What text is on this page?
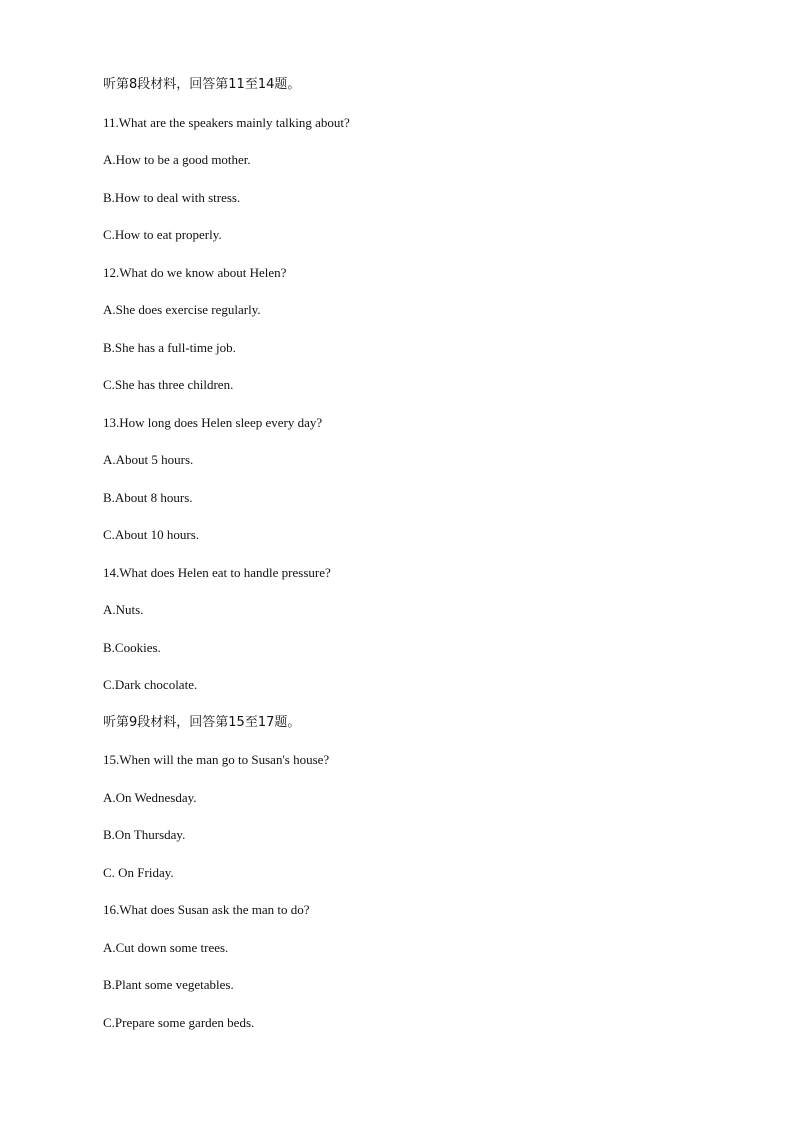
听第8段材料，回答第11至14题。
11.What are the speakers mainly talking about?
A.How to be a good mother.
B.How to deal with stress.
C.How to eat properly.
12.What do we know about Helen?
A.She does exercise regularly.
B.She has a full-time job.
C.She has three children.
13.How long does Helen sleep every day?
A.About 5 hours.
B.About 8 hours.
C.About 10 hours.
14.What does Helen eat to handle pressure?
A.Nuts.
B.Cookies.
C.Dark chocolate.
听第9段材料，回答第15至17题。
15.When will the man go to Susan's house?
A.On Wednesday.
B.On Thursday.
C. On Friday.
16.What does Susan ask the man to do?
A.Cut down some trees.
B.Plant some vegetables.
C.Prepare some garden beds.
